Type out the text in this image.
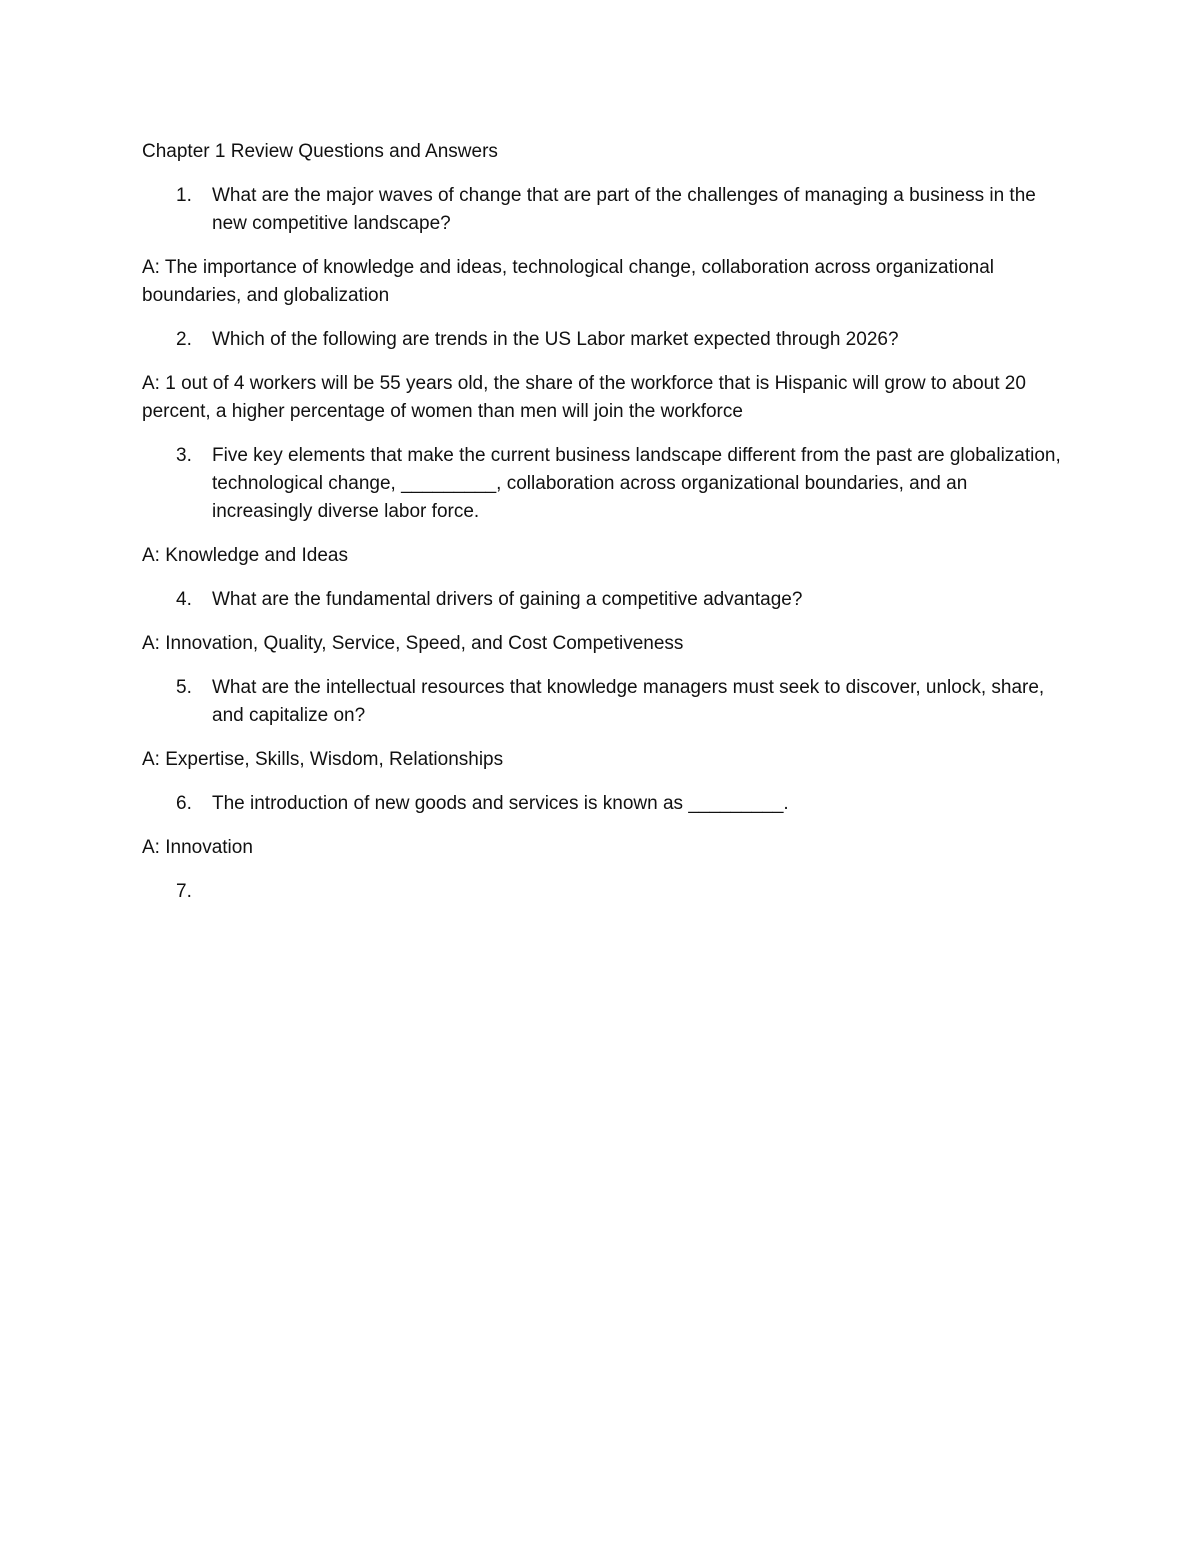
Chapter 1 Review Questions and Answers
1.	What are the major waves of change that are part of the challenges of managing a business in the new competitive landscape?
A: The importance of knowledge and ideas, technological change, collaboration across organizational boundaries, and globalization
2.	Which of the following are trends in the US Labor market expected through 2026?
A: 1 out of 4 workers will be 55 years old, the share of the workforce that is Hispanic will grow to about 20 percent, a higher percentage of women than men will join the workforce
3.	Five key elements that make the current business landscape different from the past are globalization, technological change, _________, collaboration across organizational boundaries, and an increasingly diverse labor force.
A: Knowledge and Ideas
4.	What are the fundamental drivers of gaining a competitive advantage?
A: Innovation, Quality, Service, Speed, and Cost Competiveness
5.	What are the intellectual resources that knowledge managers must seek to discover, unlock, share, and capitalize on?
A: Expertise, Skills, Wisdom, Relationships
6.	The introduction of new goods and services is known as _________.
A: Innovation
7.
